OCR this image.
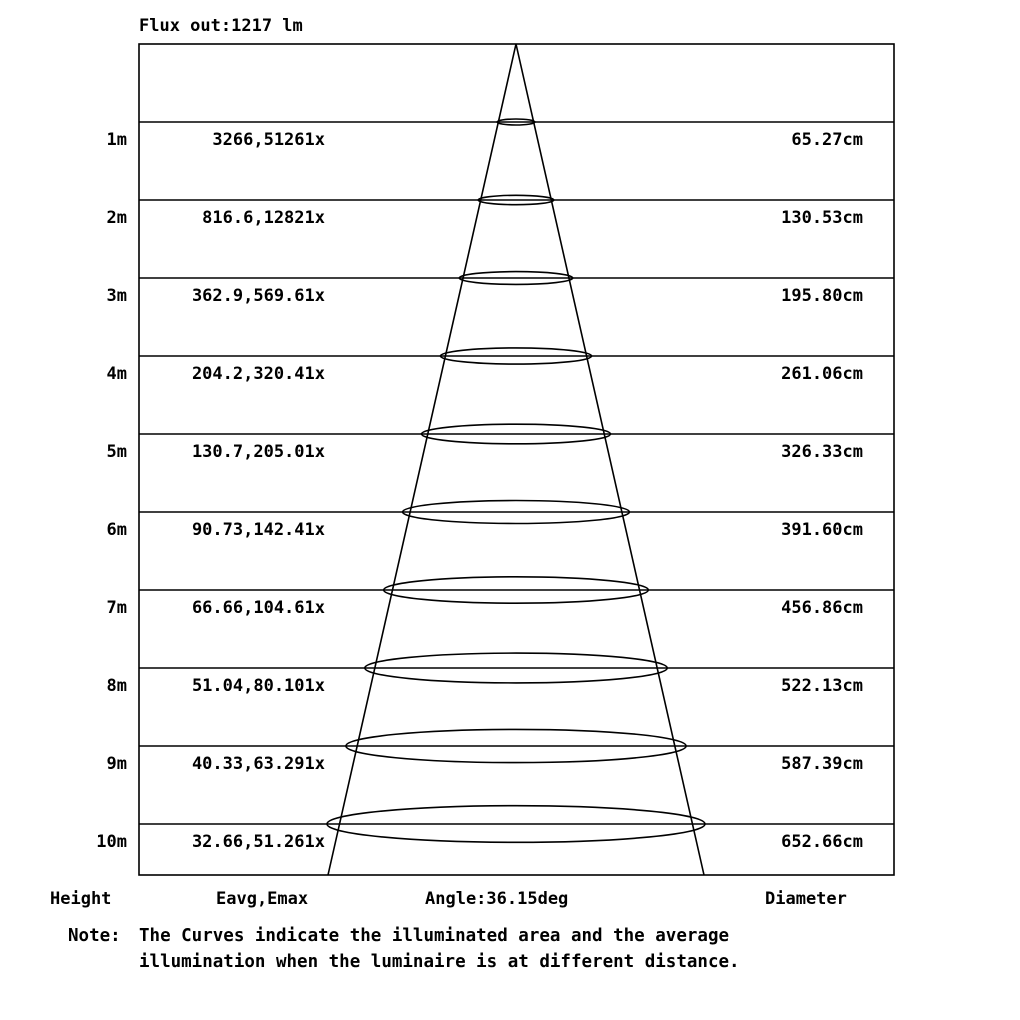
Flux out:1217 lm
1m	3266,51261x	65.27cm
2m	816.6,12821x	130.53cm
3m	362.9,569.61x	195.80cm
4m	204.2,320.41x	261.06cm
5m	130.7,205.01x	326.33cm
6m	90.73,142.41x	391.60cm
7m	66.66,104.61x	456.86cm
8m	51.04,80.101x	522.13cm
9m	40.33,63.291x	587.39cm
10m	32.66,51.261x	652.66cm
Height	Eavg,Emax	Angle:36.15deg	Diameter
Note: The Curves indicate the illuminated area and the average
illumination when the luminaire is at different distance.
